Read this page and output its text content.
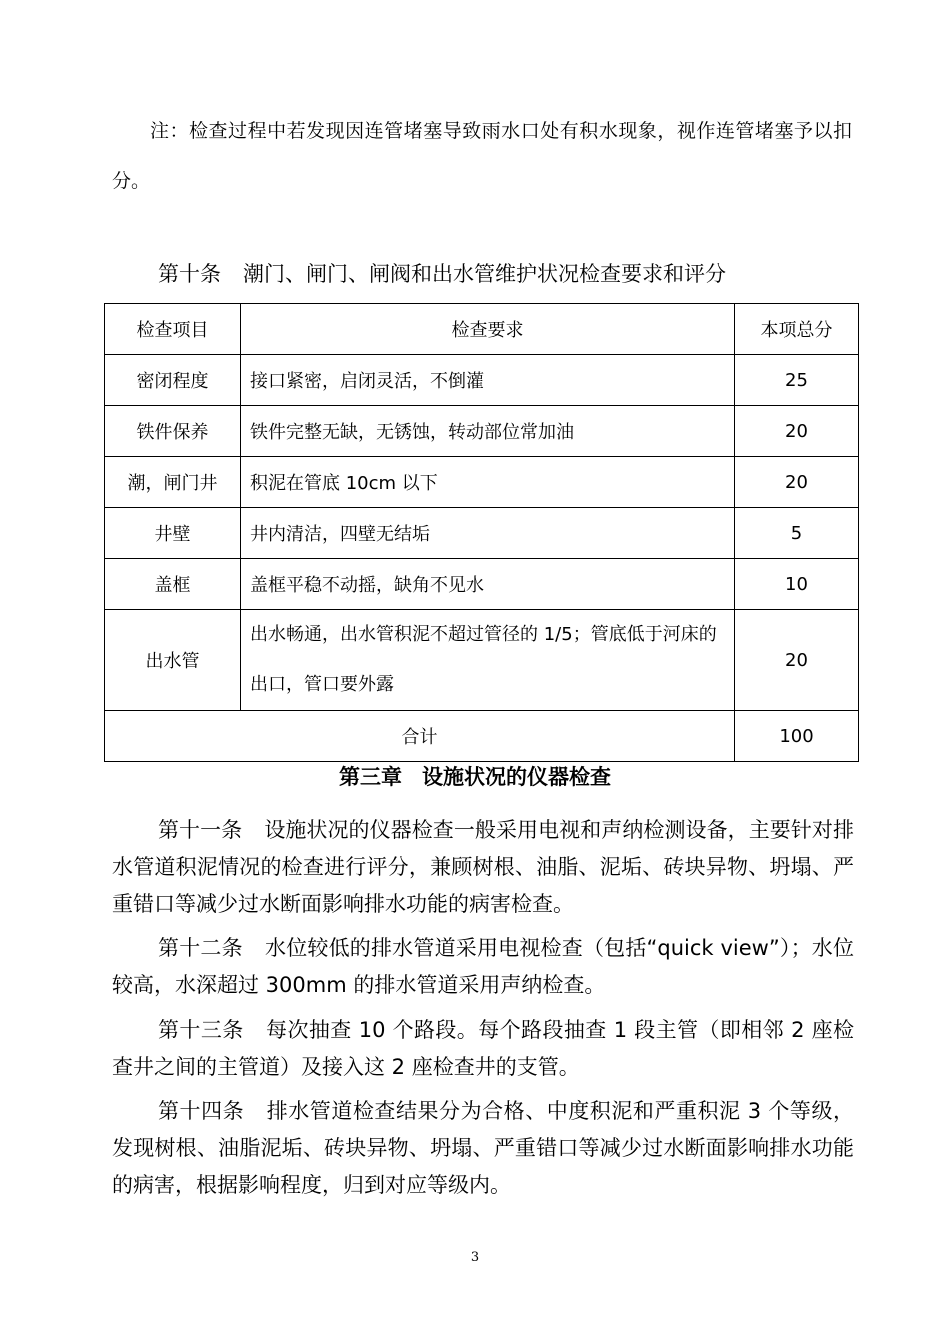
注：检查过程中若发现因连管堵塞导致雨水口处有积水现象，视作连管堵塞予以扣分。

第十条 潮门、闸门、闸阀和出水管维护状况检查要求和评分

检查项目	检查要求	本项总分
密闭程度	接口紧密，启闭灵活，不倒灌	25
铁件保养	铁件完整无缺，无锈蚀，转动部位常加油	20
潮，闸门井	积泥在管底 10cm 以下	20
井壁	井内清洁，四壁无结垢	5
盖框	盖框平稳不动摇，缺角不见水	10
出水管	出水畅通，出水管积泥不超过管径的 1/5；管底低于河床的出口，管口要外露	20
合计		100

第三章 设施状况的仪器检查

第十一条 设施状况的仪器检查一般采用电视和声纳检测设备，主要针对排水管道积泥情况的检查进行评分，兼顾树根、油脂、泥垢、砖块异物、坍塌、严重错口等减少过水断面影响排水功能的病害检查。

第十二条 水位较低的排水管道采用电视检查（包括“quick view”）；水位较高，水深超过 300mm 的排水管道采用声纳检查。

第十三条 每次抽查 10 个路段。每个路段抽查 1 段主管（即相邻 2 座检查井之间的主管道）及接入这 2 座检查井的支管。

第十四条 排水管道检查结果分为合格、中度积泥和严重积泥 3 个等级，发现树根、油脂泥垢、砖块异物、坍塌、严重错口等减少过水断面影响排水功能的病害，根据影响程度，归到对应等级内。

3
